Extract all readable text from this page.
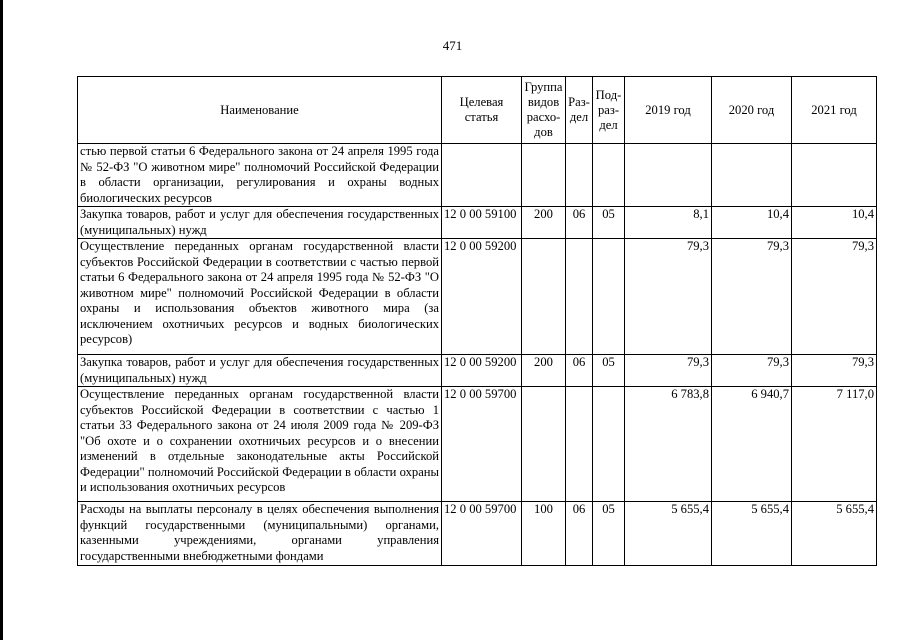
471
Наименование	Целевая статья	Группа видов расхо- дов	Раз- дел	Под- раз- дел	2019 год	2020 год	2021 год
стью первой статьи 6 Федерального закона от 24 апреля 1995 года № 52-ФЗ "О животном мире" полномочий Российской Федерации в области организации, регулирования и охраны водных биологических ресурсов							
Закупка товаров, работ и услуг для обеспечения государственных (муниципальных) нужд	12 0 00 59100	200	06	05	8,1	10,4	10,4
Осуществление переданных органам государственной власти субъектов Российской Федерации в соответствии с частью первой статьи 6 Федерального закона от 24 апреля 1995 года № 52-ФЗ "О животном мире" полномочий Российской Федерации в области охраны и использования объектов животного мира (за исключением охотничьих ресурсов и водных биологических ресурсов)	12 0 00 59200				79,3	79,3	79,3
Закупка товаров, работ и услуг для обеспечения государственных (муниципальных) нужд	12 0 00 59200	200	06	05	79,3	79,3	79,3
Осуществление переданных органам государственной власти субъектов Российской Федерации в соответствии с частью 1 статьи 33 Федерального закона от 24 июля 2009 года № 209-ФЗ "Об охоте и о сохранении охотничьих ресурсов и о внесении изменений в отдельные законодательные акты Российской Федерации" полномочий Российской Федерации в области охраны и использования охотничьих ресурсов	12 0 00 59700				6 783,8	6 940,7	7 117,0
Расходы на выплаты персоналу в целях обеспечения выполнения функций государственными (муниципальными) органами, казенными учреждениями, органами управления государственными внебюджетными фондами	12 0 00 59700	100	06	05	5 655,4	5 655,4	5 655,4
